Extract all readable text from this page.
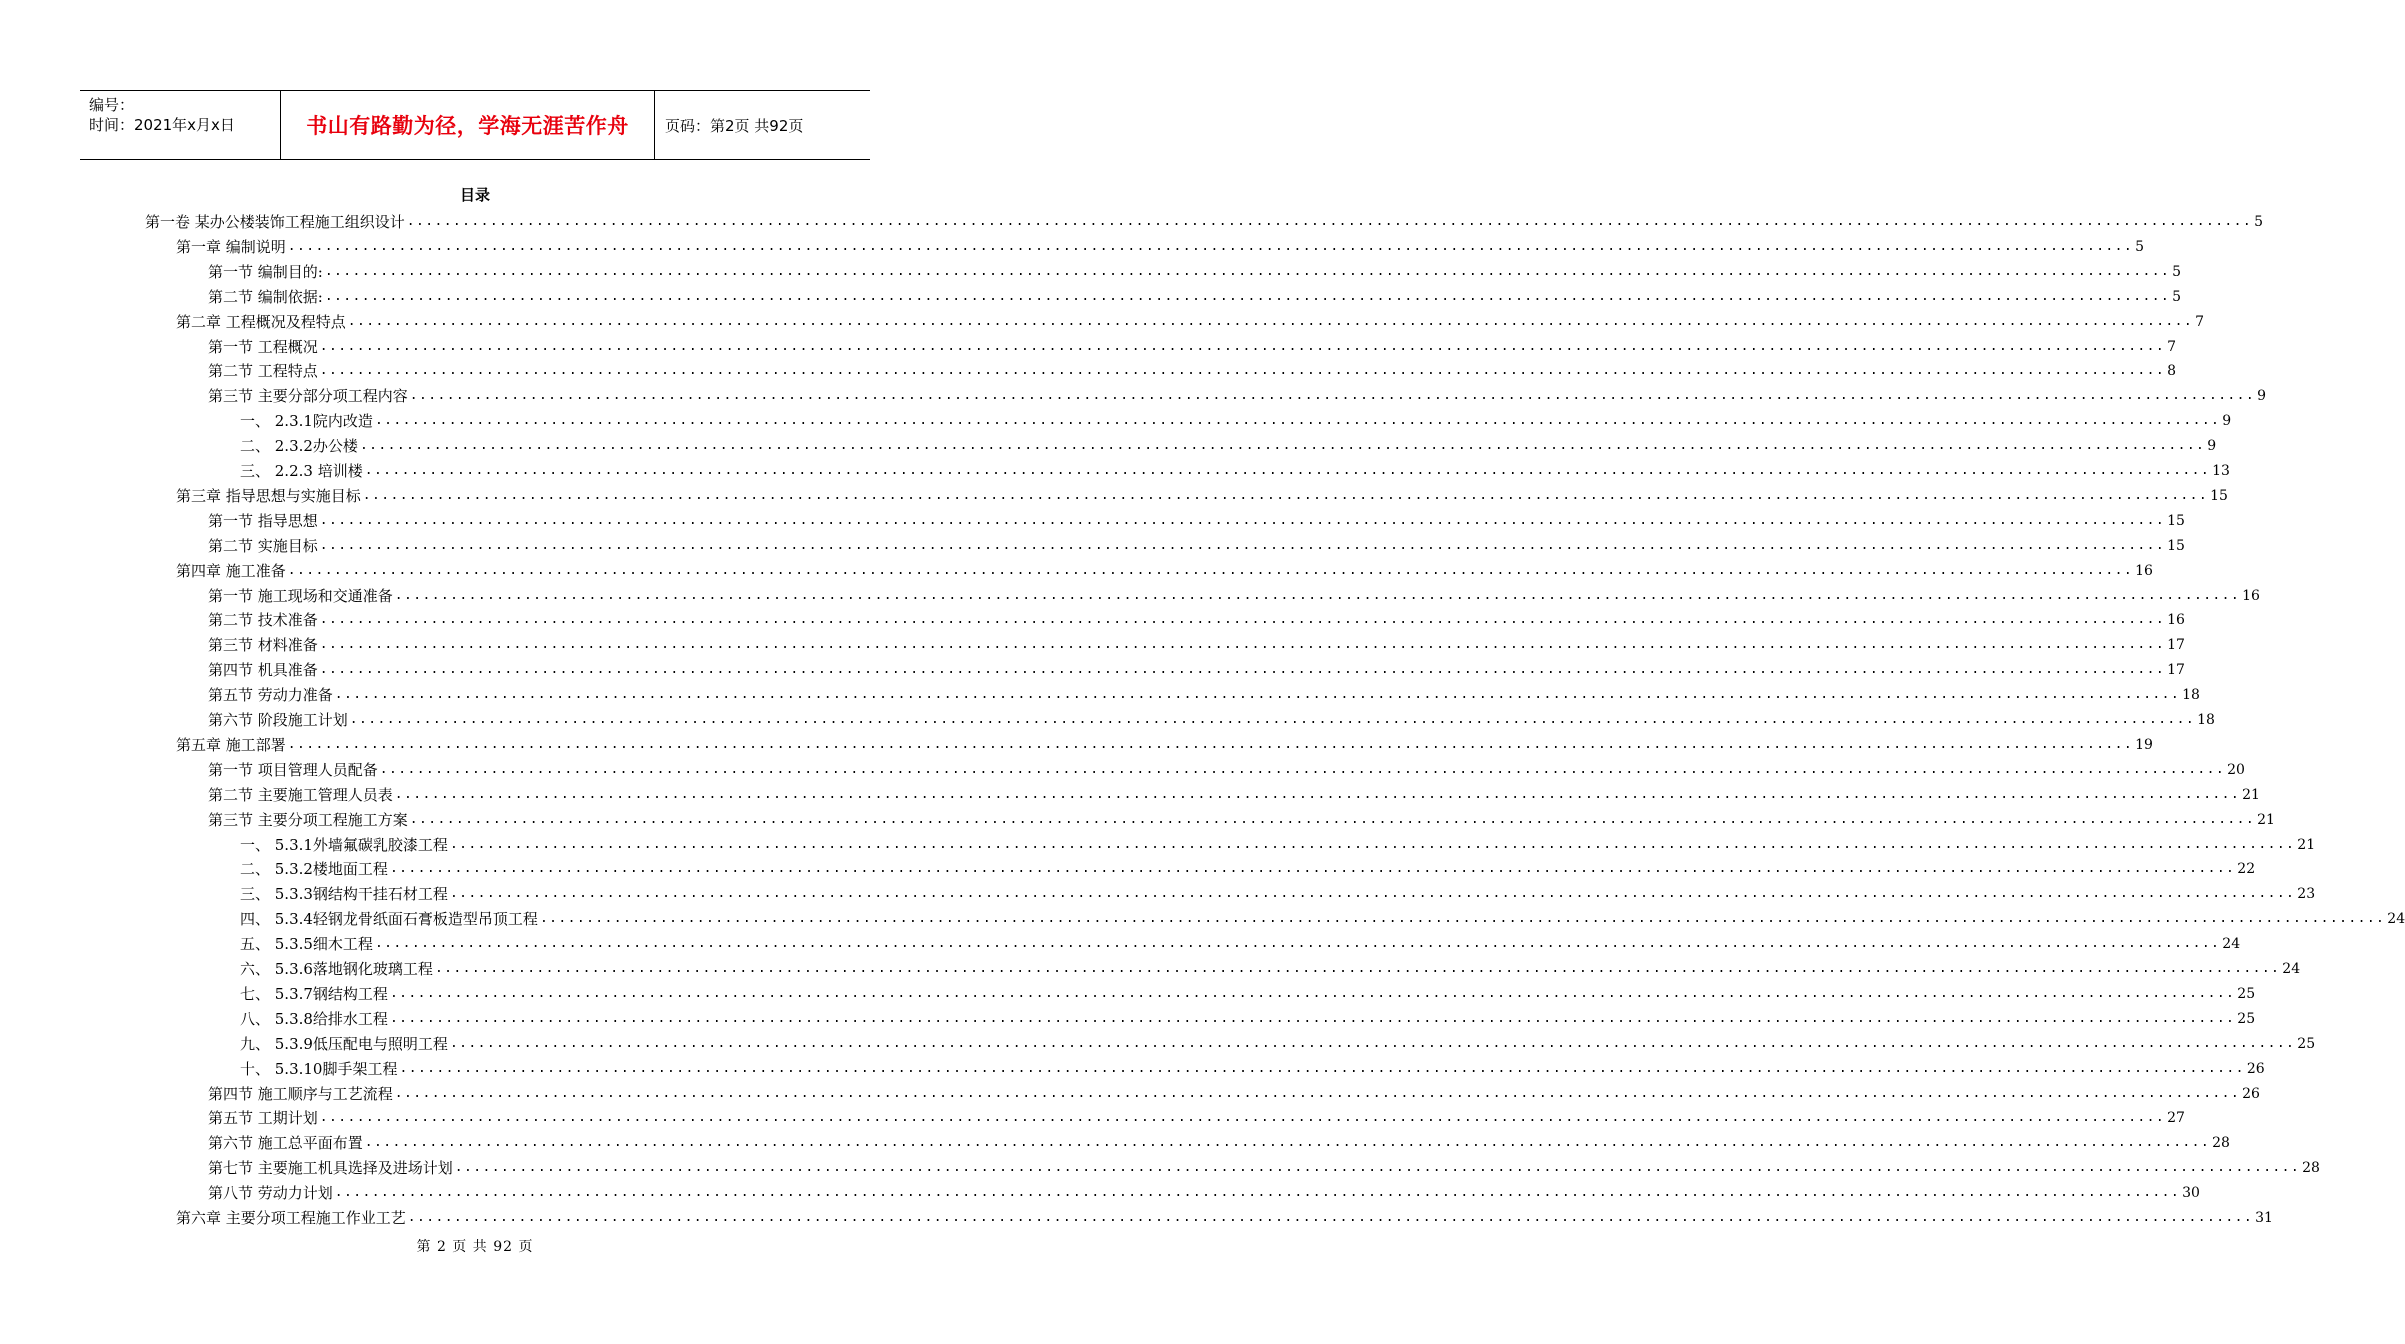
编号：
时间：2021年x月x日	书山有路勤为径，学海无涯苦作舟	页码：第2页 共92页
目录
第一卷 某办公楼装饰工程施工组织设计 ........................................................................................................................................................................................................ 5
第一章 编制说明 ........................................................................................................................................................................................................ 5
第一节 编制目的: ........................................................................................................................................................................................................ 5
第二节 编制依据: ........................................................................................................................................................................................................ 5
第二章 工程概况及程特点 ........................................................................................................................................................................................................ 7
第一节 工程概况 ........................................................................................................................................................................................................ 7
第二节 工程特点 ........................................................................................................................................................................................................ 8
第三节 主要分部分项工程内容 ........................................................................................................................................................................................................ 9
一、 2.3.1院内改造 ........................................................................................................................................................................................................ 9
二、 2.3.2办公楼 ........................................................................................................................................................................................................ 9
三、 2.2.3 培训楼 ........................................................................................................................................................................................................ 13
第三章 指导思想与实施目标 ........................................................................................................................................................................................................ 15
第一节 指导思想 ........................................................................................................................................................................................................ 15
第二节 实施目标 ........................................................................................................................................................................................................ 15
第四章 施工准备 ........................................................................................................................................................................................................ 16
第一节 施工现场和交通准备 ........................................................................................................................................................................................................ 16
第二节 技术准备 ........................................................................................................................................................................................................ 16
第三节 材料准备 ........................................................................................................................................................................................................ 17
第四节 机具准备 ........................................................................................................................................................................................................ 17
第五节 劳动力准备 ........................................................................................................................................................................................................ 18
第六节 阶段施工计划 ........................................................................................................................................................................................................ 18
第五章 施工部署 ........................................................................................................................................................................................................ 19
第一节 项目管理人员配备 ........................................................................................................................................................................................................ 20
第二节 主要施工管理人员表 ........................................................................................................................................................................................................ 21
第三节 主要分项工程施工方案 ........................................................................................................................................................................................................ 21
一、 5.3.1外墙氟碳乳胶漆工程 ........................................................................................................................................................................................................ 21
二、 5.3.2楼地面工程 ........................................................................................................................................................................................................ 22
三、 5.3.3钢结构干挂石材工程 ........................................................................................................................................................................................................ 23
四、 5.3.4轻钢龙骨纸面石膏板造型吊顶工程 ........................................................................................................................................................................................................ 24
五、 5.3.5细木工程 ........................................................................................................................................................................................................ 24
六、 5.3.6落地钢化玻璃工程 ........................................................................................................................................................................................................ 24
七、 5.3.7钢结构工程 ........................................................................................................................................................................................................ 25
八、 5.3.8给排水工程 ........................................................................................................................................................................................................ 25
九、 5.3.9低压配电与照明工程 ........................................................................................................................................................................................................ 25
十、 5.3.10脚手架工程 ........................................................................................................................................................................................................ 26
第四节 施工顺序与工艺流程 ........................................................................................................................................................................................................ 26
第五节 工期计划 ........................................................................................................................................................................................................ 27
第六节 施工总平面布置 ........................................................................................................................................................................................................ 28
第七节 主要施工机具选择及进场计划 ........................................................................................................................................................................................................ 28
第八节 劳动力计划 ........................................................................................................................................................................................................ 30
第六章 主要分项工程施工作业工艺 ........................................................................................................................................................................................................ 31
第 2 页 共 92 页
